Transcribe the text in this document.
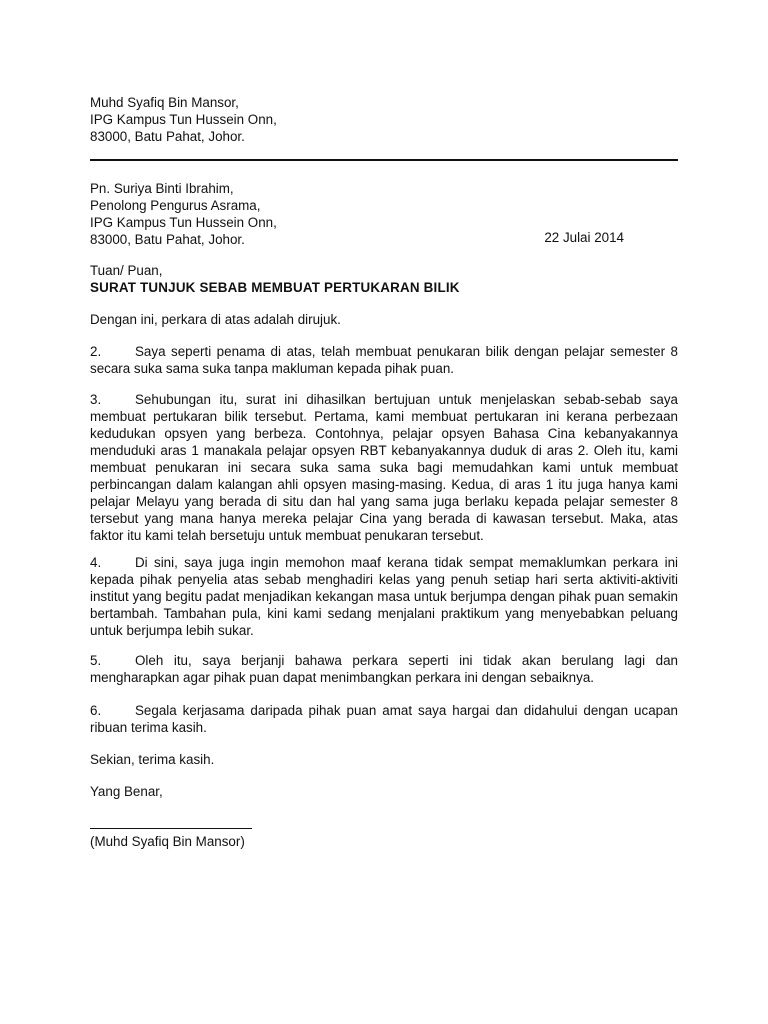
Muhd Syafiq Bin Mansor,
IPG Kampus Tun Hussein Onn,
83000, Batu Pahat, Johor.
Pn. Suriya Binti Ibrahim,
Penolong Pengurus Asrama,
IPG Kampus Tun Hussein Onn,
83000, Batu Pahat, Johor.	22 Julai 2014
Tuan/ Puan,
SURAT TUNJUK SEBAB MEMBUAT PERTUKARAN BILIK

Dengan ini, perkara di atas adalah dirujuk.

2.	Saya seperti penama di atas, telah membuat penukaran bilik dengan pelajar semester 8 secara suka sama suka tanpa makluman kepada pihak puan.

3.	Sehubungan itu, surat ini dihasilkan bertujuan untuk menjelaskan sebab-sebab saya membuat pertukaran bilik tersebut. Pertama, kami membuat pertukaran ini kerana perbezaan kedudukan opsyen yang berbeza. Contohnya, pelajar opsyen Bahasa Cina kebanyakannya menduduki aras 1 manakala pelajar opsyen RBT kebanyakannya duduk di aras 2. Oleh itu, kami membuat penukaran ini secara suka sama suka bagi memudahkan kami untuk membuat perbincangan dalam kalangan ahli opsyen masing-masing. Kedua, di aras 1 itu juga hanya kami pelajar Melayu yang berada di situ dan hal yang sama juga berlaku kepada pelajar semester 8 tersebut yang mana hanya mereka pelajar Cina yang berada di kawasan tersebut. Maka, atas faktor itu kami telah bersetuju untuk membuat penukaran tersebut.

4.	Di sini, saya juga ingin memohon maaf kerana tidak sempat memaklumkan perkara ini kepada pihak penyelia atas sebab menghadiri kelas yang penuh setiap hari serta aktiviti-aktiviti institut yang begitu padat menjadikan kekangan masa untuk berjumpa dengan pihak puan semakin bertambah. Tambahan pula, kini kami sedang menjalani praktikum yang menyebabkan peluang untuk berjumpa lebih sukar.

5.	Oleh itu, saya berjanji bahawa perkara seperti ini tidak akan berulang lagi dan mengharapkan agar pihak puan dapat menimbangkan perkara ini dengan sebaiknya.

6.	Segala kerjasama daripada pihak puan amat saya hargai dan didahului dengan ucapan ribuan terima kasih.

Sekian, terima kasih.
Yang Benar,
(Muhd Syafiq Bin Mansor)
